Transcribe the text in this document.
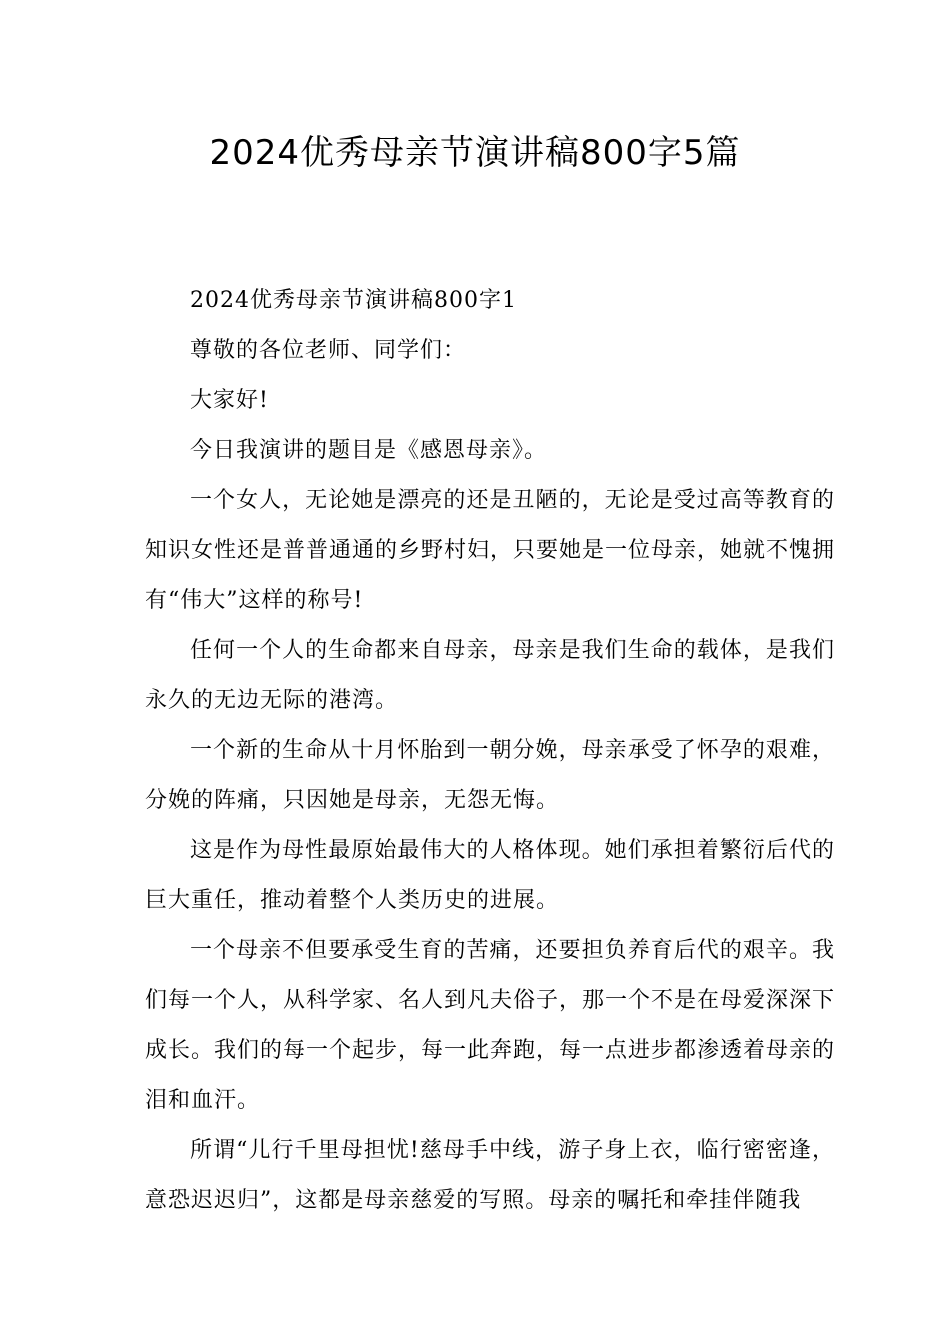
2024优秀母亲节演讲稿800字5篇

2024优秀母亲节演讲稿800字1

尊敬的各位老师、同学们：

大家好!

今日我演讲的题目是《感恩母亲》。

一个女人，无论她是漂亮的还是丑陋的，无论是受过高等教育的知识女性还是普普通通的乡野村妇，只要她是一位母亲，她就不愧拥有“伟大”这样的称号!

任何一个人的生命都来自母亲，母亲是我们生命的载体，是我们永久的无边无际的港湾。

一个新的生命从十月怀胎到一朝分娩，母亲承受了怀孕的艰难，分娩的阵痛，只因她是母亲，无怨无悔。

这是作为母性最原始最伟大的人格体现。她们承担着繁衍后代的巨大重任，推动着整个人类历史的进展。

一个母亲不但要承受生育的苦痛，还要担负养育后代的艰辛。我们每一个人，从科学家、名人到凡夫俗子，那一个不是在母爱深深下成长。我们的每一个起步，每一此奔跑，每一点进步都渗透着母亲的泪和血汗。

所谓“儿行千里母担忧!慈母手中线，游子身上衣，临行密密逢，意恐迟迟归”，这都是母亲慈爱的写照。母亲的嘱托和牵挂伴随我
